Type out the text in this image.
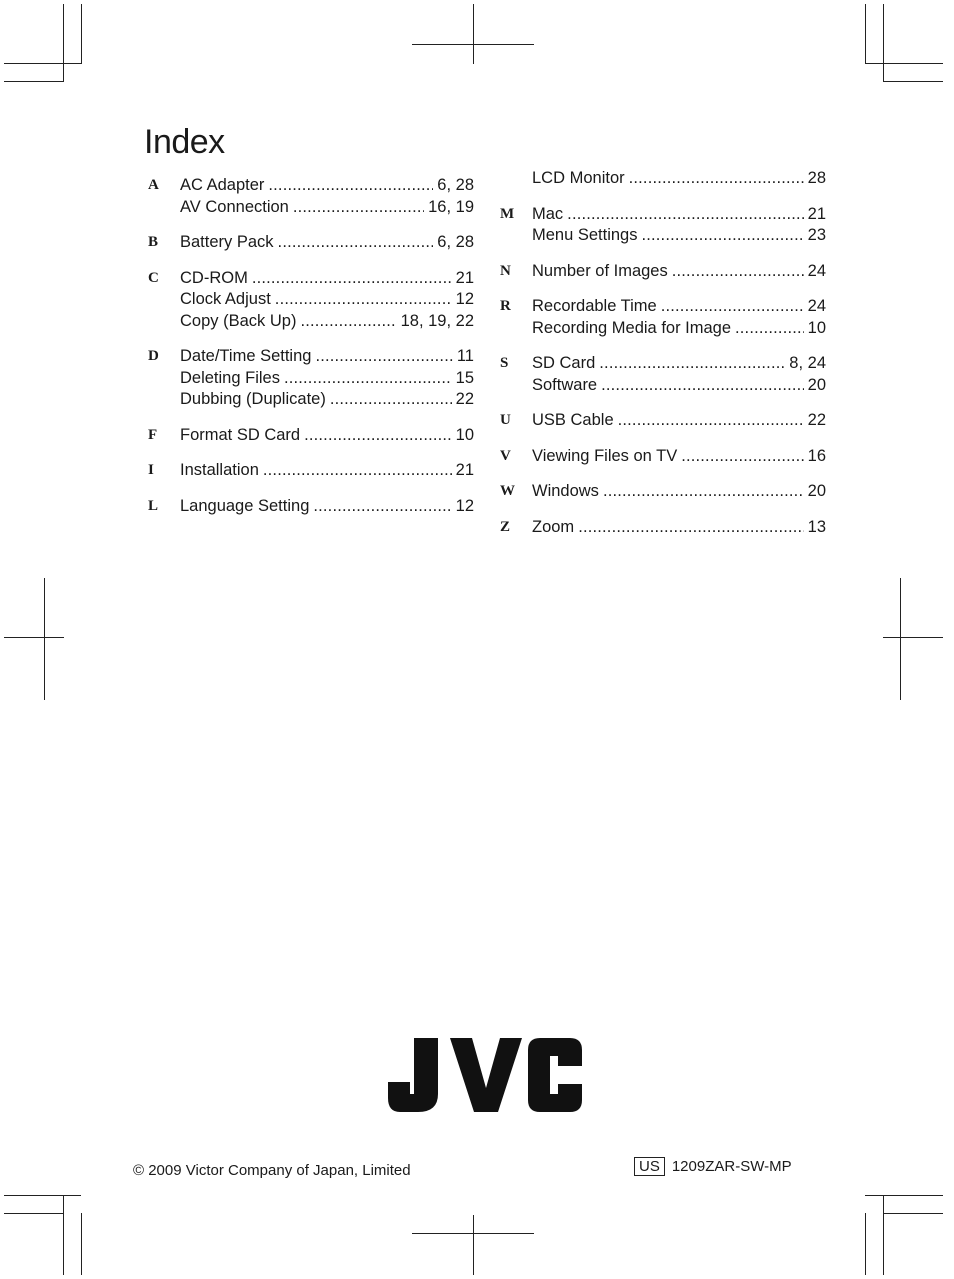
Index
A	AC Adapter . . .	6, 28
AV Connection . . .	16, 19
B	Battery Pack . . .	6, 28
C	CD-ROM . . .	21
Clock Adjust . . .	12
Copy (Back Up) . . .	18, 19, 22
D	Date/Time Setting . . .	11
Deleting Files . . .	15
Dubbing (Duplicate) . . .	22
F	Format SD Card . . .	10
I	Installation . . .	21
L	Language Setting . . .	12
LCD Monitor . . .	28
M	Mac . . .	21
Menu Settings . . .	23
N	Number of Images . . .	24
R	Recordable Time . . .	24
Recording Media for Image . . .	10
S	SD Card . . .	8, 24
Software . . .	20
U	USB Cable . . .	22
V	Viewing Files on TV . . .	16
W	Windows . . .	20
Z	Zoom . . .	13
© 2009 Victor Company of Japan, Limited	US 1209ZAR-SW-MP
